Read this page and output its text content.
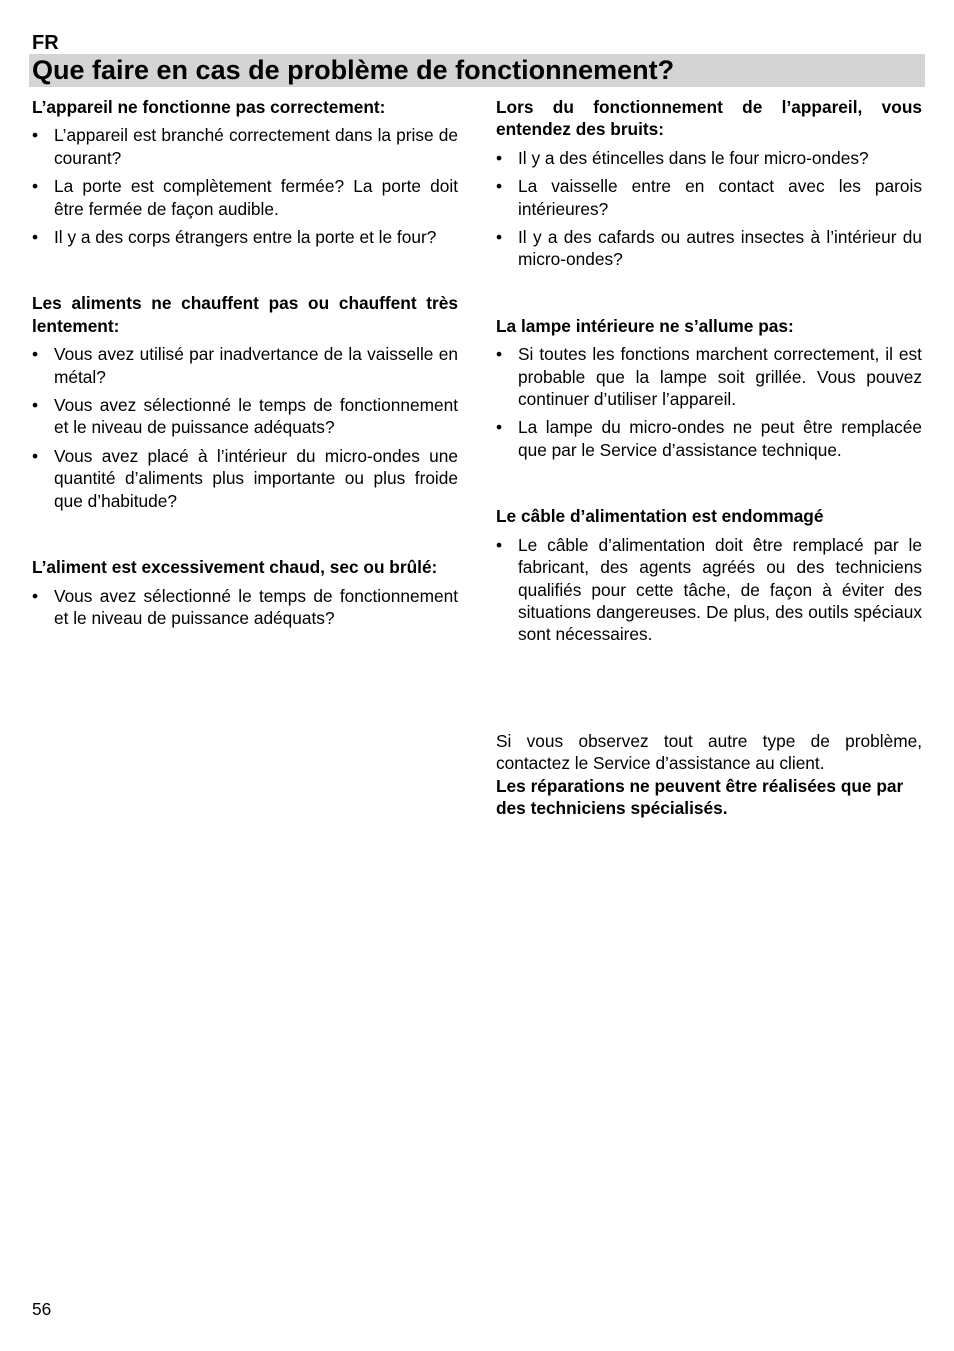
FR
Que faire en cas de problème de fonctionnement?

L’appareil ne fonctionne pas correctement:

• L’appareil est branché correctement dans la prise de courant?
• La porte est complètement fermée? La porte doit être fermée de façon audible.
• Il y a des corps étrangers entre la porte et le four?

Les aliments ne chauffent pas ou chauffent très lentement:

• Vous avez utilisé par inadvertance de la vaisselle en métal?
• Vous avez sélectionné le temps de fonctionnement et le niveau de puissance adéquats?
• Vous avez placé à l’intérieur du micro-ondes une quantité d’aliments plus importante ou plus froide que d’habitude?

L’aliment est excessivement chaud, sec ou brûlé:

• Vous avez sélectionné le temps de fonctionnement et le niveau de puissance adéquats?

Lors du fonctionnement de l’appareil, vous entendez des bruits:

• Il y a des étincelles dans le four micro-ondes?
• La vaisselle entre en contact avec les parois intérieures?
• Il y a des cafards ou autres insectes à l’intérieur du micro-ondes?

La lampe intérieure ne s’allume pas:

• Si toutes les fonctions marchent correctement, il est probable que la lampe soit grillée. Vous pouvez continuer d’utiliser l’appareil.
• La lampe du micro-ondes ne peut être remplacée que par le Service d’assistance technique.

Le câble d’alimentation est endommagé

• Le câble d’alimentation doit être remplacé par le fabricant, des agents agréés ou des techniciens qualifiés pour cette tâche, de façon à éviter des situations dangereuses. De plus, des outils spéciaux sont nécessaires.

Si vous observez tout autre type de problème, contactez le Service d’assistance au client.

Les réparations ne peuvent être réalisées que par des techniciens spécialisés.

56
